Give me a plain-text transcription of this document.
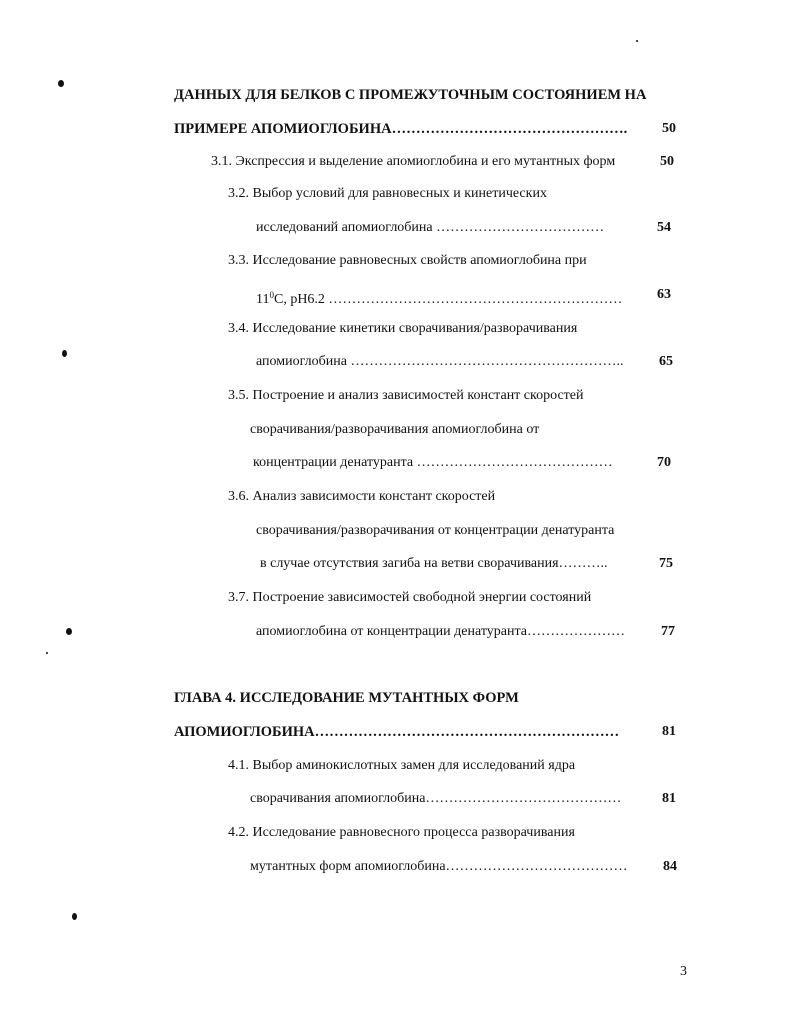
ДАННЫХ ДЛЯ БЕЛКОВ С ПРОМЕЖУТОЧНЫМ СОСТОЯНИЕМ НА
ПРИМЕРЕ АПОМИОГЛОБИНА…………………………………………. 50
3.1. Экспрессия и выделение апомиоглобина и его мутантных форм	50
3.2. Выбор условий для равновесных и кинетических
исследований апомиоглобина ………………………………	54
3.3. Исследование равновесных свойств апомиоглобина при
$11^0С$, pH6.2 ……………………………………………………… 63
3.4. Исследование кинетики сворачивания/разворачивания
апомиоглобина …………………………………………………..	65
3.5. Построение и анализ зависимостей констант скоростей
сворачивания/разворачивания апомиоглобина от
концентрации денатуранта ……………………………………	70
3.6. Анализ зависимости констант скоростей
сворачивания/разворачивания от концентрации денатуранта
в случае отсутствия загиба на ветви сворачивания………..	75
3.7. Построение зависимостей свободной энергии состояний
апомиоглобина от концентрации денатуранта…………………	77
ГЛАВА 4. ИССЛЕДОВАНИЕ МУТАНТНЫХ ФОРМ
АПОМИОГЛОБИНА………………………………………………………	81
4.1. Выбор аминокислотных замен для исследований ядра
сворачивания апомиоглобина……………………………………	81
4.2. Исследование равновесного процесса разворачивания
мутантных форм апомиоглобина…………………………………	84
3
